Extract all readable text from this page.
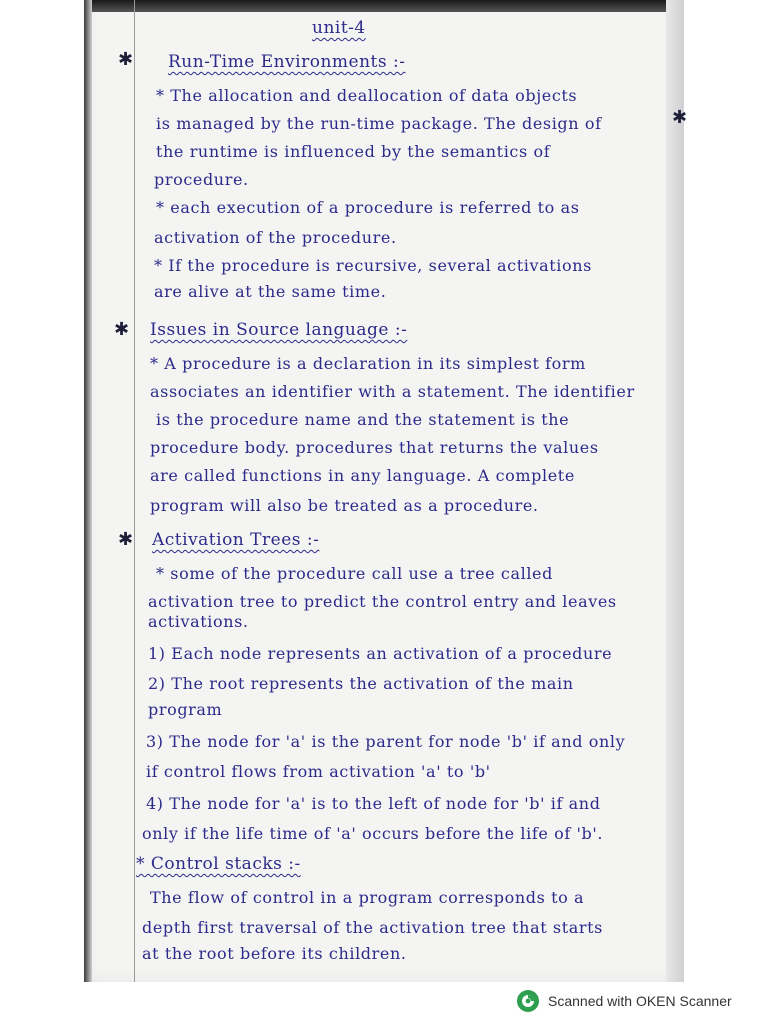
unit-4
✱
✱
✱
✱
Run-Time Environments :-
* The allocation and deallocation of data objects
is managed by the run-time package. The design of
the runtime is influenced by the semantics of
procedure.
* each execution of a procedure is referred to as
activation of the procedure.
* If the procedure is recursive, several activations
are alive at the same time.
Issues in Source language :-
* A procedure is a declaration in its simplest form
associates an identifier with a statement. The identifier
is the procedure name and the statement is the
procedure body. procedures that returns the values
are called functions in any language. A complete
program will also be treated as a procedure.
Activation Trees :-
* some of the procedure call use a tree called
activation tree to predict the control entry and leaves
activations.
1) Each node represents an activation of a procedure
2) The root represents the activation of the main
program
3) The node for 'a' is the parent for node 'b' if and only
if control flows from activation 'a' to 'b'
4) The node for 'a' is to the left of node for 'b' if and
only if the life time of 'a' occurs before the life of 'b'.
* Control stacks :-
The flow of control in a program corresponds to a
depth first traversal of the activation tree that starts
at the root before its children.
Scanned with OKEN Scanner
